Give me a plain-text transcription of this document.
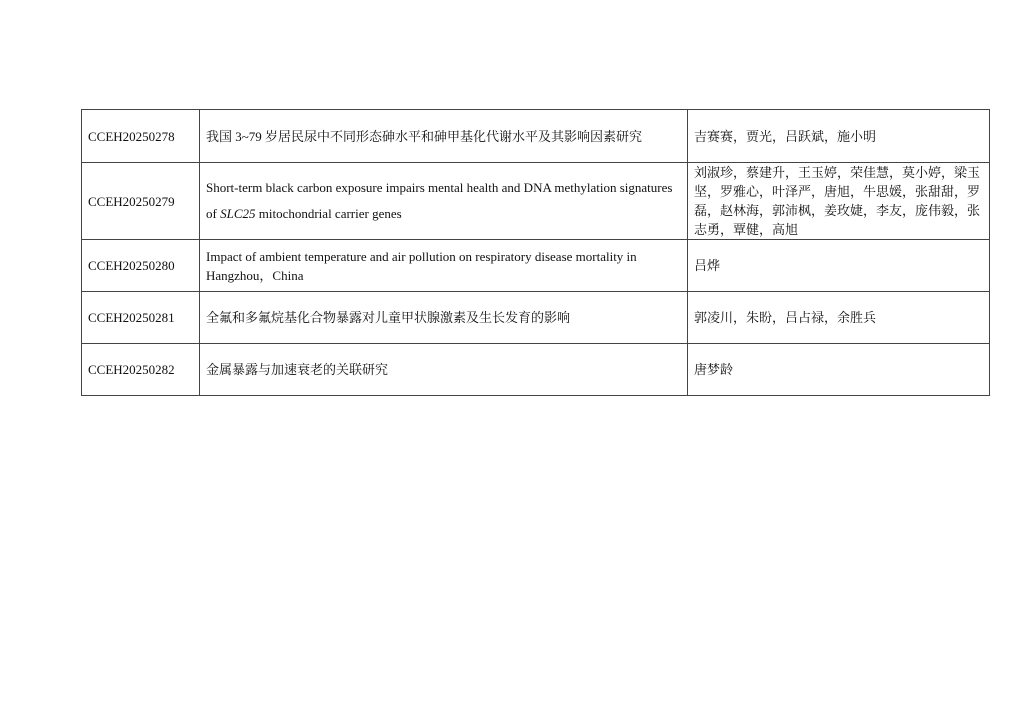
CCEH20250278	我国 3~79 岁居民尿中不同形态砷水平和砷甲基化代谢水平及其影响因素研究	吉赛赛，贾光，吕跃斌，施小明
CCEH20250279	Short-term black carbon exposure impairs mental health and DNA methylation signatures of SLC25 mitochondrial carrier genes	刘淑珍，蔡建升，王玉婷，荣佳慧，莫小婷，梁玉坚，罗雅心，叶泽严，唐旭，牛思媛，张甜甜，罗磊，赵林海，郭沛枫，姜玫婕，李友，庞伟毅，张志勇，覃健，高旭
CCEH20250280	Impact of ambient temperature and air pollution on respiratory disease mortality in Hangzhou，China	吕烨
CCEH20250281	全氟和多氟烷基化合物暴露对儿童甲状腺激素及生长发育的影响	郭凌川，朱盼，吕占禄，余胜兵
CCEH20250282	金属暴露与加速衰老的关联研究	唐梦龄
